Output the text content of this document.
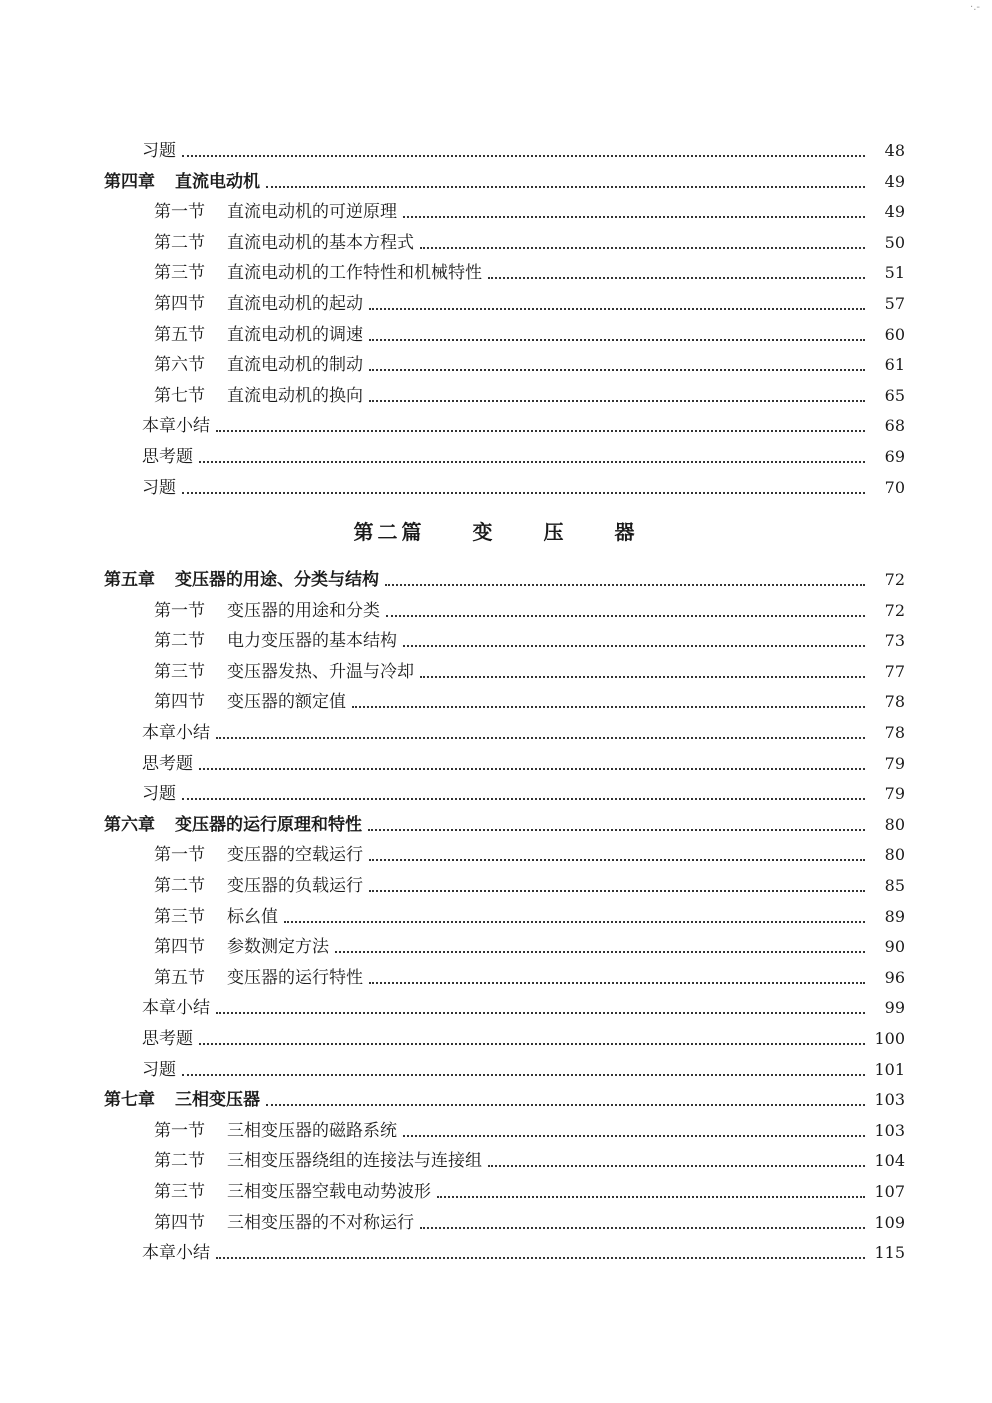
·.-
习题	48
第四章 直流电动机	49
第一节 直流电动机的可逆原理	49
第二节 直流电动机的基本方程式	50
第三节 直流电动机的工作特性和机械特性	51
第四节 直流电动机的起动	57
第五节 直流电动机的调速	60
第六节 直流电动机的制动	61
第七节 直流电动机的换向	65
本章小结	68
思考题	69
习题	70
第五章 变压器的用途、分类与结构	72
第一节 变压器的用途和分类	72
第二节 电力变压器的基本结构	73
第三节 变压器发热、升温与冷却	77
第四节 变压器的额定值	78
本章小结	78
思考题	79
习题	79
第六章 变压器的运行原理和特性	80
第一节 变压器的空载运行	80
第二节 变压器的负载运行	85
第三节 标幺值	89
第四节 参数测定方法	90
第五节 变压器的运行特性	96
本章小结	99
思考题	100
习题	101
第七章 三相变压器	103
第一节 三相变压器的磁路系统	103
第二节 三相变压器绕组的连接法与连接组	104
第三节 三相变压器空载电动势波形	107
第四节 三相变压器的不对称运行	109
本章小结	115
第二篇 变 压 器
